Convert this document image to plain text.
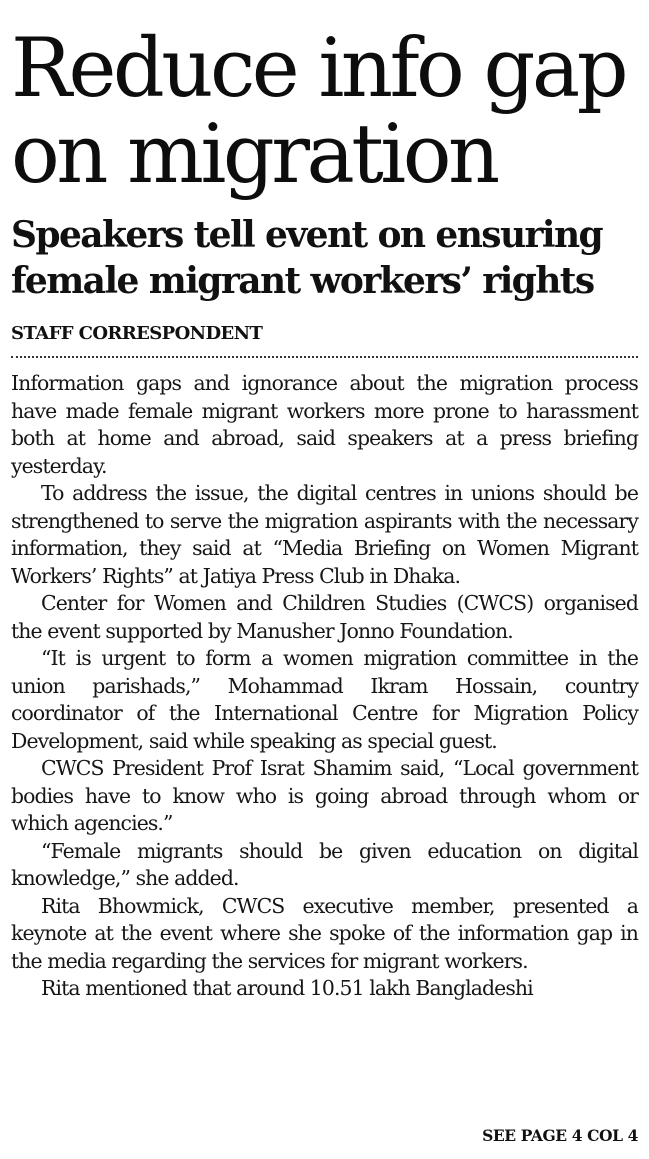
Reduce info gap on migration
Speakers tell event on ensuring female migrant workers’ rights
STAFF CORRESPONDENT

Information gaps and ignorance about the migration process have made female migrant workers more prone to harassment both at home and abroad, said speakers at a press briefing yesterday.

To address the issue, the digital centres in unions should be strengthened to serve the migration aspirants with the necessary information, they said at “Media Briefing on Women Migrant Workers’ Rights” at Jatiya Press Club in Dhaka.

Center for Women and Children Studies (CWCS) organised the event supported by Manusher Jonno Foundation.

“It is urgent to form a women migration committee in the union parishads,” Mohammad Ikram Hossain, country coordinator of the International Centre for Migration Policy Development, said while speaking as special guest.

CWCS President Prof Israt Shamim said, “Local government bodies have to know who is going abroad through whom or which agencies.”

“Female migrants should be given education on digital knowledge,” she added.

Rita Bhowmick, CWCS executive member, presented a keynote at the event where she spoke of the information gap in the media regarding the services for migrant workers.

Rita mentioned that around 10.51 lakh Bangladeshi

SEE PAGE 4 COL 4
